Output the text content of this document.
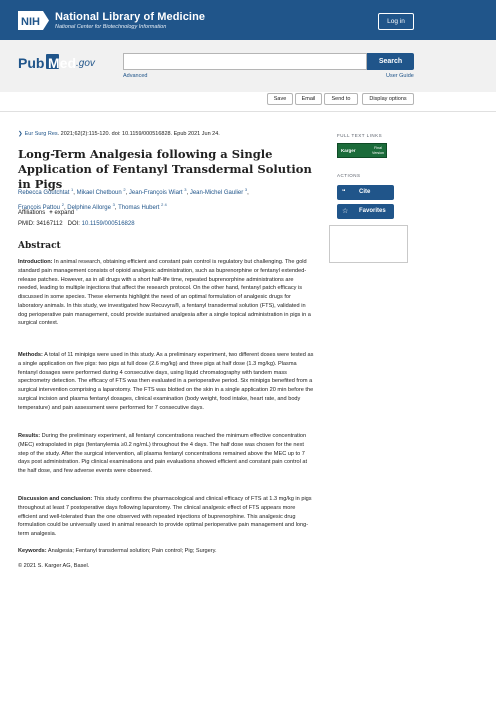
NIH National Library of Medicine
National Center for Biotechnology Information
Log in
Pub Med .gov	Search
Advanced	User Guide
Save	Email	Send to	Display options
❯ Eur Surg Res. 2021;62(2):115-120. doi: 10.1159/000516828. Epub 2021 Jun 24.
Long-Term Analgesia following a Single Application of Fentanyl Transdermal Solution in Pigs
Rebecca Goutchtat $^1$, Mikael Chetboun $^2$, Jean-François Wiart $^3$, Jean-Michel Gaulier $^3$,
François Pattou $^2$, Delphine Allorge $^3$, Thomas Hubert $^{2 4}$
Affiliations + expand
PMID: 34167112 DOI: 10.1159/000516828
Abstract

Introduction: In animal research, obtaining efficient and constant pain control is regulatory but challenging. The gold standard pain management consists of opioid analgesic administration, such as buprenorphine or fentanyl extended-release patches. However, as in all drugs with a short half-life time, repeated buprenorphine administrations are needed, leading to multiple injections that affect the research protocol. On the other hand, fentanyl patch efficacy is discussed in some species. These elements highlight the need of an optimal formulation of analgesic drugs for laboratory animals. In this study, we investigated how Recuvyra®, a fentanyl transdermal solution (FTS), validated in dog perioperative pain management, could provide sustained analgesia after a single topical administration in pigs in a surgical context.

Methods: A total of 11 minipigs were used in this study. As a preliminary experiment, two different doses were tested as a single application on five pigs: two pigs at full dose (2.6 mg/kg) and three pigs at half dose (1.3 mg/kg). Plasma fentanyl dosages were performed during 4 consecutive days, using liquid chromatography with tandem mass spectrometry detection. The efficacy of FTS was then evaluated in a perioperative period. Six minipigs benefited from a surgical intervention comprising a laparotomy. The FTS was blotted on the skin in a single application 20 min before the surgical incision and plasma fentanyl dosages, clinical examination (body weight, food intake, heart rate, and body temperature) and pain assessment were performed for 7 consecutive days.

Results: During the preliminary experiment, all fentanyl concentrations reached the minimum effective concentration (MEC) extrapolated in pigs (fentanylemia ≥0.2 ng/mL) throughout the 4 days. The half dose was chosen for the next step of the study. After the surgical intervention, all plasma fentanyl concentrations remained above the MEC up to 7 days post administration. Pig clinical examinations and pain evaluations showed efficient and constant pain control at the half dose, and few adverse events were observed.

Discussion and conclusion: This study confirms the pharmacological and clinical efficacy of FTS at 1.3 mg/kg in pigs throughout at least 7 postoperative days following laparotomy. The clinical analgesic effect of FTS appears more efficient and well-tolerated than the one observed with repeated injections of buprenorphine. This analgesic drug formulation could be universally used in animal research to provide optimal perioperative pain management and long-term analgesia.

Keywords: Analgesia; Fentanyl transdermal solution; Pain control; Pig; Surgery.

© 2021 S. Karger AG, Basel.
FULL TEXT LINKS
Karger	Final Version
ACTIONS
“ Cite
☆ Favorites
